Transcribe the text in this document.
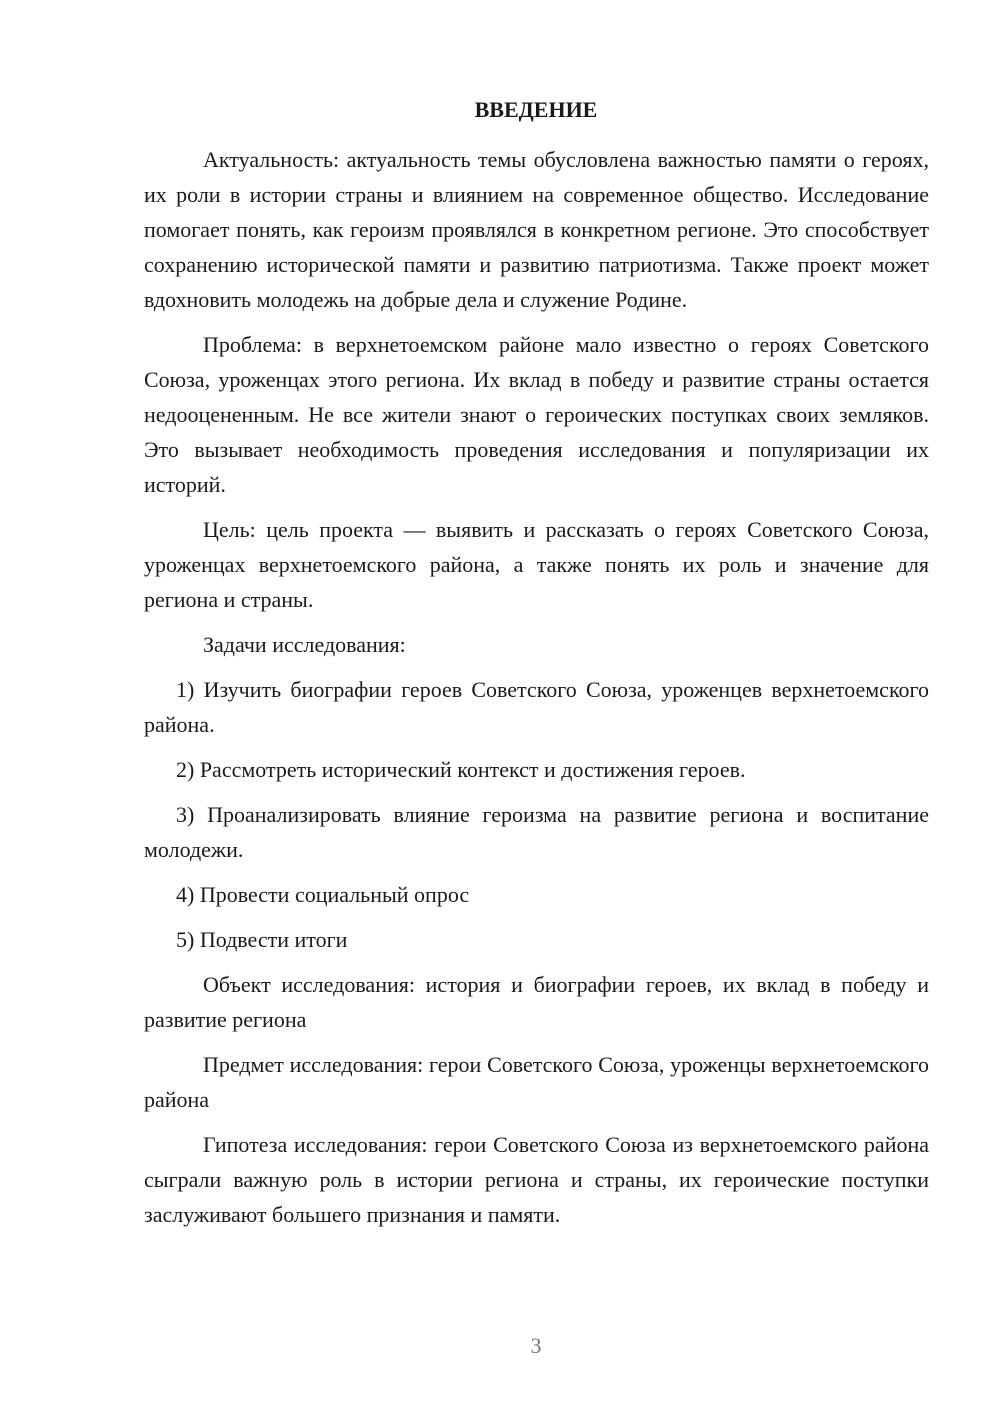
ВВЕДЕНИЕ

Актуальность: актуальность темы обусловлена важностью памяти о героях, их роли в истории страны и влиянием на современное общество. Исследование помогает понять, как героизм проявлялся в конкретном регионе. Это способствует сохранению исторической памяти и развитию патриотизма. Также проект может вдохновить молодежь на добрые дела и служение Родине.

Проблема: в верхнетоемском районе мало известно о героях Советского Союза, уроженцах этого региона. Их вклад в победу и развитие страны остается недооцененным. Не все жители знают о героических поступках своих земляков. Это вызывает необходимость проведения исследования и популяризации их историй.

Цель: цель проекта — выявить и рассказать о героях Советского Союза, уроженцах верхнетоемского района, а также понять их роль и значение для региона и страны.

Задачи исследования:

1) Изучить биографии героев Советского Союза, уроженцев верхнетоемского района.

2) Рассмотреть исторический контекст и достижения героев.

3) Проанализировать влияние героизма на развитие региона и воспитание молодежи.

4) Провести социальный опрос

5) Подвести итоги

Объект исследования: история и биографии героев, их вклад в победу и развитие региона

Предмет исследования: герои Советского Союза, уроженцы верхнетоемского района

Гипотеза исследования: герои Советского Союза из верхнетоемского района сыграли важную роль в истории региона и страны, их героические поступки заслуживают большего признания и памяти.

3
